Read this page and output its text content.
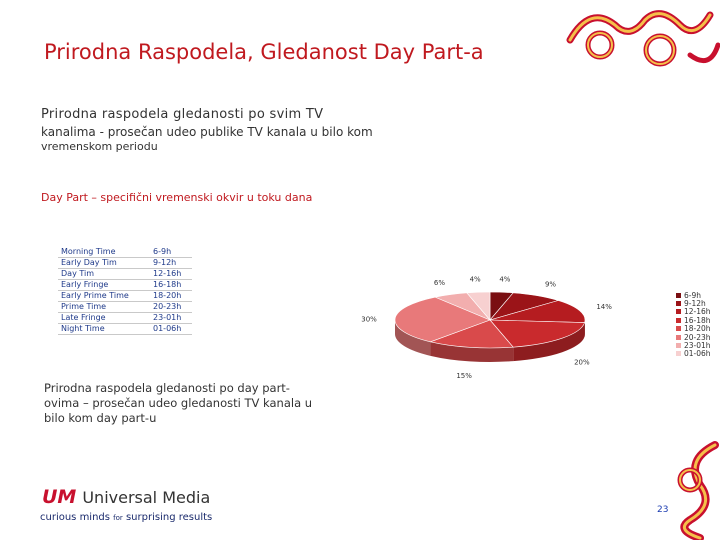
Prirodna Raspodela, Gledanost Day Part-a
Prirodna raspodela gledanosti po svim TV
kanalima - prosečan udeo publike TV kanala u bilo kom
vremenskom periodu
Day Part – specifični vremenski okvir u toku dana
Morning Time	6-9h
Early Day Tim	9-12h
Day Tim	12-16h
Early Fringe	16-18h
Early Prime Time	18-20h
Prime Time	20-23h
Late Fringe	23-01h
Night Time	01-06h
4%
9%
14%
20%
15%
30%
6%	4%
6-9h
9-12h
12-16h
16-18h
18-20h
20-23h
23-01h
01-06h
Prirodna raspodela gledanosti po day part-ovima – prosečan udeo gledanosti TV kanala u bilo kom day part-u
UM Universal Media
curious minds for surprising results
23
